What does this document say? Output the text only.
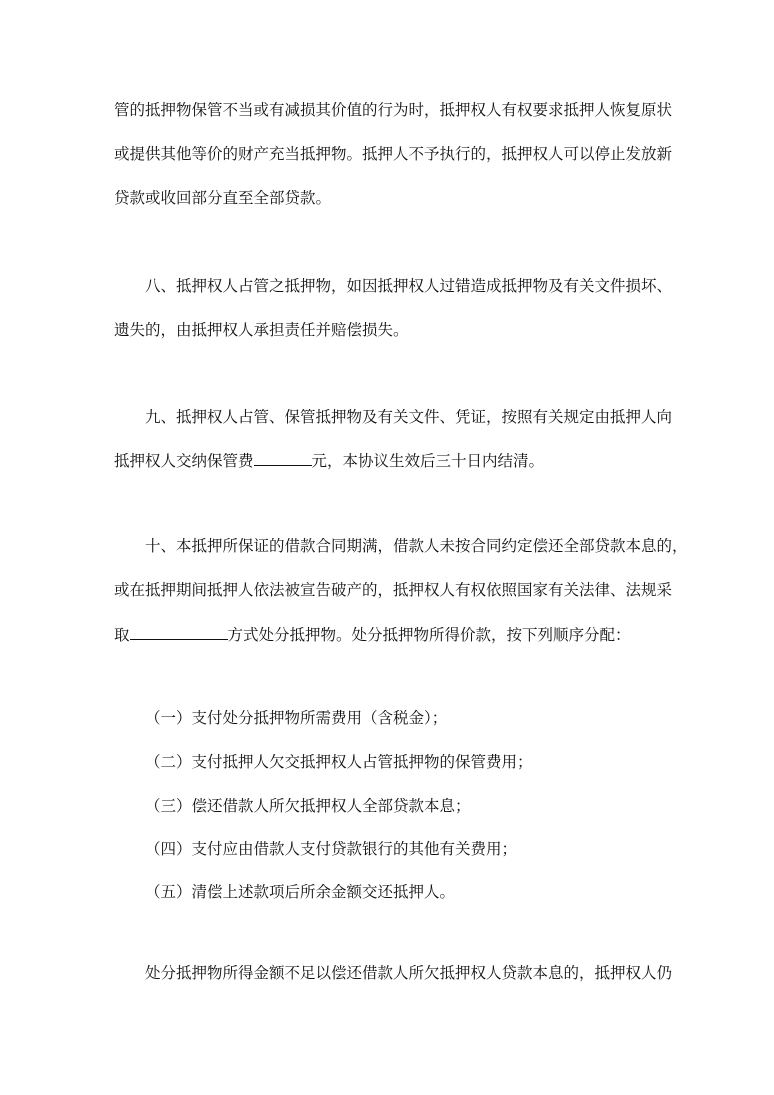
管的抵押物保管不当或有减损其价值的行为时，抵押权人有权要求抵押人恢复原状
或提供其他等价的财产充当抵押物。抵押人不予执行的，抵押权人可以停止发放新
贷款或收回部分直至全部贷款。
八、抵押权人占管之抵押物，如因抵押权人过错造成抵押物及有关文件损坏、
遗失的，由抵押权人承担责任并赔偿损失。
九、抵押权人占管、保管抵押物及有关文件、凭证，按照有关规定由抵押人向
抵押权人交纳保管费	元，本协议生效后三十日内结清。
十、本抵押所保证的借款合同期满，借款人未按合同约定偿还全部贷款本息的，
或在抵押期间抵押人依法被宣告破产的，抵押权人有权依照国家有关法律、法规采
取	方式处分抵押物。处分抵押物所得价款，按下列顺序分配：
（一）支付处分抵押物所需费用（含税金）；
（二）支付抵押人欠交抵押权人占管抵押物的保管费用；
（三）偿还借款人所欠抵押权人全部贷款本息；
（四）支付应由借款人支付贷款银行的其他有关费用；
（五）清偿上述款项后所余金额交还抵押人。
处分抵押物所得金额不足以偿还借款人所欠抵押权人贷款本息的，抵押权人仍
